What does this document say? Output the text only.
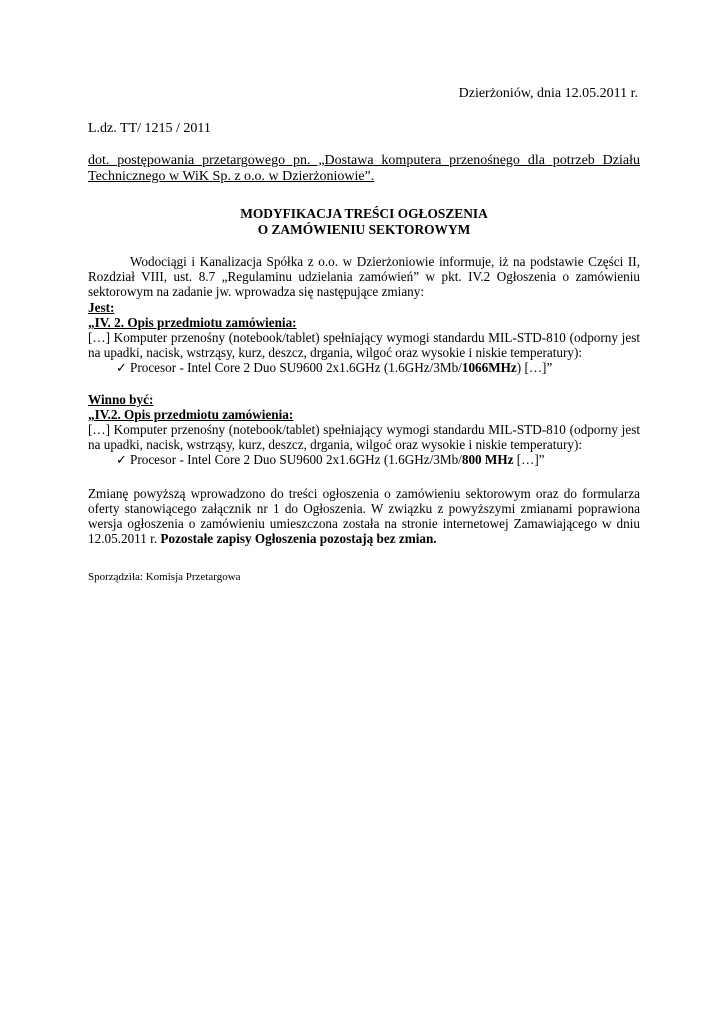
Dzierżoniów, dnia 12.05.2011 r.
L.dz. TT/ 1215 / 2011
dot. postępowania przetargowego pn. „Dostawa komputera przenośnego dla potrzeb Działu Technicznego w WiK Sp. z o.o. w Dzierżoniowie”.
MODYFIKACJA TREŚCI OGŁOSZENIA
O ZAMÓWIENIU SEKTOROWYM

Wodociągi i Kanalizacja Spółka z o.o. w Dzierżoniowie informuje, iż na podstawie Części II, Rozdział VIII, ust. 8.7 „Regulaminu udzielania zamówień” w pkt. IV.2 Ogłoszenia o zamówieniu sektorowym na zadanie jw. wprowadza się następujące zmiany:

Jest:

„IV. 2. Opis przedmiotu zamówienia:

[…] Komputer przenośny (notebook/tablet) spełniający wymogi standardu MIL-STD-810 (odporny jest na upadki, nacisk, wstrząsy, kurz, deszcz, drgania, wilgoć oraz wysokie i niskie temperatury):

✓ Procesor - Intel Core 2 Duo SU9600 2x1.6GHz (1.6GHz/3Mb/1066MHz) […]”

Winno być:

„IV.2. Opis przedmiotu zamówienia:

[…] Komputer przenośny (notebook/tablet) spełniający wymogi standardu MIL-STD-810 (odporny jest na upadki, nacisk, wstrząsy, kurz, deszcz, drgania, wilgoć oraz wysokie i niskie temperatury):

✓ Procesor - Intel Core 2 Duo SU9600 2x1.6GHz (1.6GHz/3Mb/800 MHz […]”

Zmianę powyższą wprowadzono do treści ogłoszenia o zamówieniu sektorowym oraz do formularza oferty stanowiącego załącznik nr 1 do Ogłoszenia. W związku z powyższymi zmianami poprawiona wersja ogłoszenia o zamówieniu umieszczona została na stronie internetowej Zamawiającego w dniu 12.05.2011 r. Pozostałe zapisy Ogłoszenia pozostają bez zmian.

Sporządziła: Komisja Przetargowa
